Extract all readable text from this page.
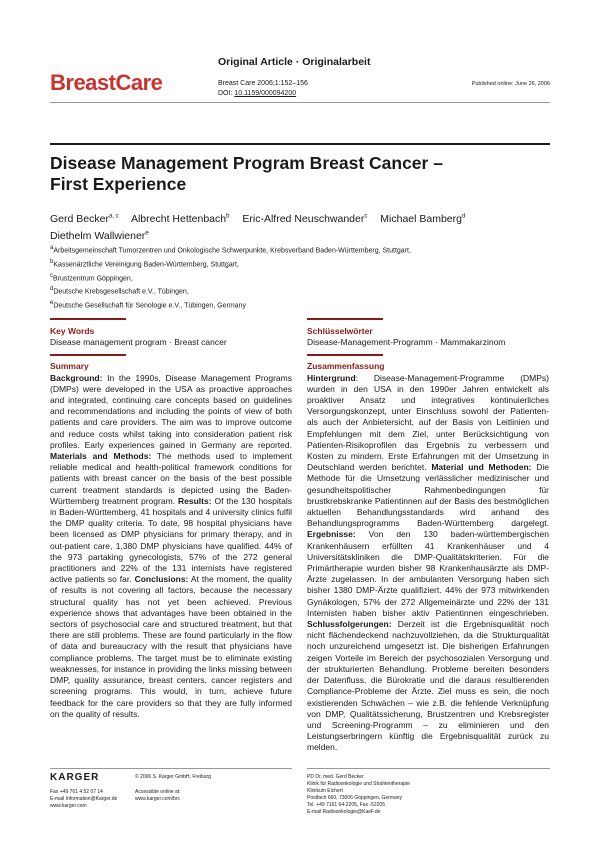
BreastCare
Original Article · Originalarbeit
Breast Care 2006;1:152–156
DOI: 10.1159/000094200
Published online: June 26, 2006
Disease Management Program Breast Cancer –
First Experience
Gerd Becker$^{a, c}$ Albrecht Hettenbach$^b$ Eric-Alfred Neuschwander$^c$ Michael Bamberg$^d$
Diethelm Wallwiener$^e$
$^a$Arbeitsgemeinschaft Tumorzentren und Onkologische Schwerpunkte, Krebsverband Baden-Württemberg, Stuttgart,
$^b$Kassenärztliche Vereinigung Baden-Württemberg, Stuttgart,
$^c$Brustzentrum Göppingen,
$^d$Deutsche Krebsgesellschaft e.V., Tübingen,
$^e$Deutsche Gesellschaft für Senologie e.V., Tübingen, Germany
Key Words
Disease management program · Breast cancer
Summary
Background: In the 1990s, Disease Management Programs (DMPs) were developed in the USA as proactive approaches and integrated, continuing care concepts based on guidelines and recommendations and including the points of view of both patients and care providers. The aim was to improve outcome and reduce costs whilst taking into consideration patient risk profiles. Early experiences gained in Germany are reported. Materials and Methods: The methods used to implement reliable medical and health-political framework conditions for patients with breast cancer on the basis of the best possible current treatment standards is depicted using the Baden-Württemberg treatment program. Results: Of the 130 hospitals in Baden-Württemberg, 41 hospitals and 4 university clinics fulfil the DMP quality criteria. To date, 98 hospital physicians have been licensed as DMP physicians for primary therapy, and in out-patient care, 1,380 DMP physicians have qualified. 44% of the 973 partaking gynecologists, 57% of the 272 general practitioners and 22% of the 131 internists have registered active patients so far. Conclusions: At the moment, the quality of results is not covering all factors, because the necessary structural quality has not yet been achieved. Previous experience shows that advantages have been obtained in the sectors of psychosocial care and structured treatment, but that there are still problems. These are found particularly in the flow of data and bureaucracy with the result that physicians have compliance problems. The target must be to eliminate existing weaknesses, for instance in providing the links missing between DMP, quality assurance, breast centers, cancer registers and screening programs. This would, in turn, achieve future feedback for the care providers so that they are fully informed on the quality of results.
Schlüsselwörter
Disease-Management-Programm · Mammakarzinom
Zusammenfassung
Hintergrund: Disease-Management-Programme (DMPs) wurden in den USA in den 1990er Jahren entwickelt als proaktiver Ansatz und integratives kontinuierliches Versorgungskonzept, unter Einschluss sowohl der Patienten- als auch der Anbietersicht, auf der Basis von Leitlinien und Empfehlungen mit dem Ziel, unter Berücksichtigung von Patienten-Risikoprofilen das Ergebnis zu verbessern und Kosten zu mindern. Erste Erfahrungen mit der Umsetzung in Deutschland werden berichtet. Material und Methoden: Die Methode für die Umsetzung verlässlicher medizinischer und gesundheitspolitischer Rahmenbedingungen für brustkrebskranke Patientinnen auf der Basis des bestmöglichen aktuellen Behandlungsstandards wird anhand des Behandlungsprogramms Baden-Württemberg dargelegt. Ergebnisse: Von den 130 baden-württembergischen Krankenhäusern erfüllten 41 Krankenhäuser und 4 Universitätskliniken die DMP-Qualitätskriterien. Für die Primärtherapie wurden bisher 98 Krankenhausärzte als DMP-Ärzte zugelassen. In der ambulanten Versorgung haben sich bisher 1380 DMP-Ärzte qualifiziert. 44% der 973 mitwirkenden Gynäkologen, 57% der 272 Allgemeinärzte und 22% der 131 Internisten haben bisher aktiv Patientinnen eingeschrieben. Schlussfolgerungen: Derzeit ist die Ergebnisqualität noch nicht flächendeckend nachzuvollziehen, da die Strukturqualität noch unzureichend umgesetzt ist. Die bisherigen Erfahrungen zeigen Vorteile im Bereich der psychosozialen Versorgung und der strukturierten Behandlung. Probleme bereiten besonders der Datenfluss, die Bürokratie und die daraus resultierenden Compliance-Probleme der Ärzte. Ziel muss es sein, die noch existierenden Schwächen – wie z.B. die fehlende Verknüpfung von DMP, Qualitätssicherung, Brustzentren und Krebsregister und Screening-Programm – zu eliminieren und den Leistungserbringern künftig die Ergebnisqualität zurück zu melden.
KARGER
Fax +49 761 4 52 07 14
E-mail Information@Karger.de
www.karger.com
© 2006 S. Karger GmbH, Freiburg
Accessible online at:
www.karger.com/brc
PD Dr. med. Gerd Becker
Klinik für Radioonkologie und Strahlentherapie
Klinikum Eichert
Postfach 660, 73006 Göppingen, Germany
Tel. +49 7161 64-2205, Fax -52205
E-mail Radioonkologie@KaeF.de
